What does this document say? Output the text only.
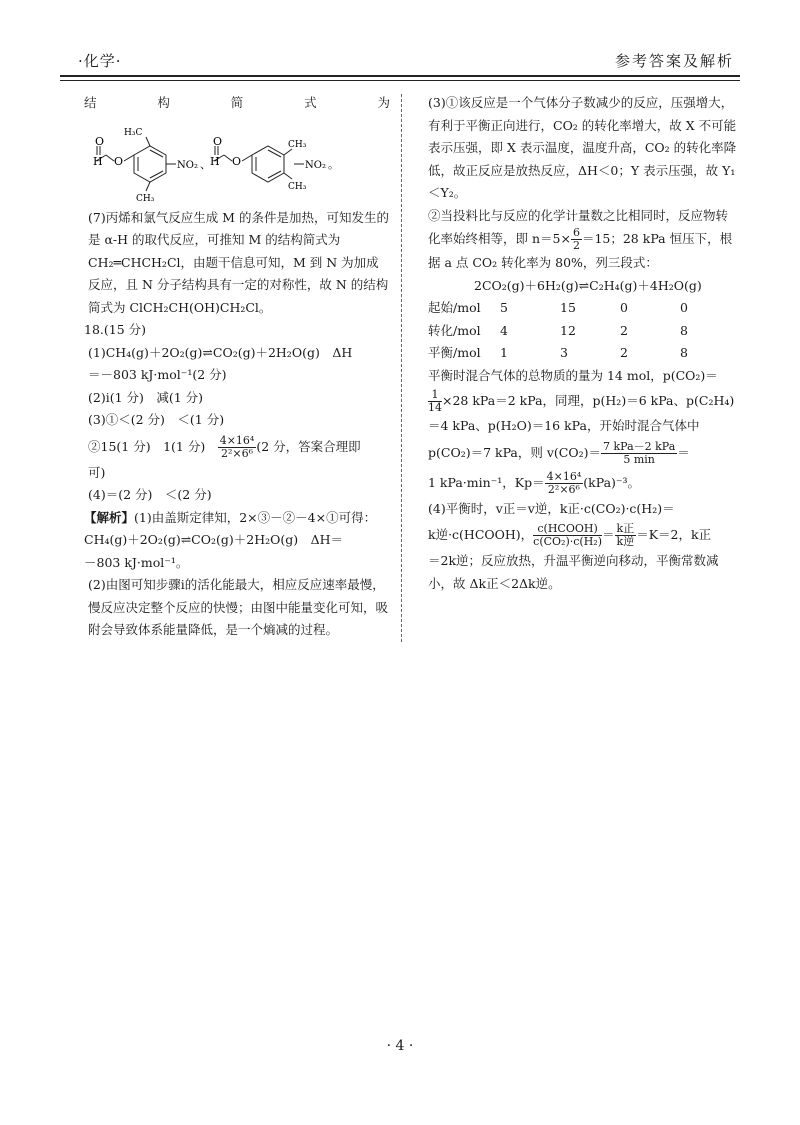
·化学·	参考答案及解析
结	构	简	式	为
H
O
O
H₃C
CH₃
NO₂ 、 H
O
O
CH₃
CH₃
NO₂ 。

(7)丙烯和氯气反应生成 M 的条件是加热，可知发生的是 α-H 的取代反应，可推知 M 的结构简式为 CH₂═CHCH₂Cl，由题干信息可知，M 到 N 为加成反应，且 N 分子结构具有一定的对称性，故 N 的结构简式为 ClCH₂CH(OH)CH₂Cl。

18.(15 分)

(1)CH₄(g)＋2O₂(g)⇌CO₂(g)＋2H₂O(g)　ΔH

＝－803 kJ·mol⁻¹(2 分)

(2)ⅰ(1 分)　减(1 分)

(3)①＜(2 分)　＜(1 分)

②15(1 分)　1(1 分)　 $\frac{\text{4×16⁴}}{\text{2²×6⁶}} (2$ 分，答案合理即

可)

(4)＝(2 分)　＜(2 分)

【解析】(1)由盖斯定律知，2×③－②－4×①可得：

CH₄(g)＋2O₂(g)⇌CO₂(g)＋2H₂O(g)　ΔH＝

－803 kJ·mol⁻¹。

(2)由图可知步骤ⅰ的活化能最大，相应反应速率最慢，慢反应决定整个反应的快慢；由图中能量变化可知，吸附会导致体系能量降低，是一个熵减的过程。

(3)①该反应是一个气体分子数减少的反应，压强增大，有利于平衡正向进行，CO₂ 的转化率增大，故 X 不可能表示压强，即 X 表示温度，温度升高，CO₂ 的转化率降低，故正反应是放热反应，ΔH＜0；Y 表示压强，故 Y₁＜Y₂。

②当投料比与反应的化学计量数之比相同时，反应物转化率始终相等，即 $n=5\times \frac{6}{2} =15$；28 kPa 恒压下，根据 a 点 CO₂ 转化率为 80%，列三段式：

2CO₂(g)＋6H₂(g)⇌C₂H₄(g)＋4H₂O(g)

起始/mol	5	15	0	0
转化/mol	4	12	2	8
平衡/mol	1	3	2	8

平衡时混合气体的总物质的量为 14 mol，p(CO₂)＝

$\frac{1}{14} \times 28$ kPa＝2 kPa，同理，p(H₂)＝6 kPa、p(C₂H₄)

＝4 kPa、p(H₂O)＝16 kPa，开始时混合气体中

p(CO₂)＝7 kPa，则 $v(CO_2)= \frac{\text{7 kPa－2 kPa}}{5 \min}$ ＝

1 kPa·min⁻¹，$Kp= \frac{\text{4×16⁴}}{\text{2²×6⁶}} (kPa)^{-3}$。

(4)平衡时，v正＝v逆，k正·c(CO₂)·c(H₂)＝

k逆·c(HCOOH)， $\frac{\text{c(HCOOH)}}{\text{c(CO₂)·c(H₂)}} = \frac{\text{k正}}{\text{k逆}} =K=2$，k正

＝2k逆；反应放热，升温平衡逆向移动，平衡常数减小，故 Δk正＜2Δk逆。

· 4 ·
